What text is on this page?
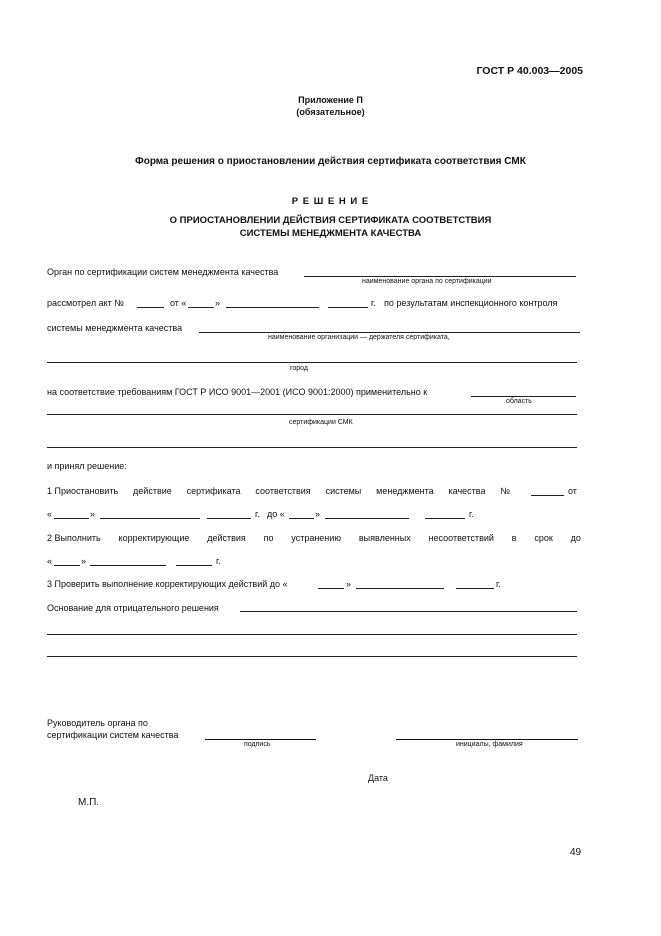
ГОСТ Р 40.003—2005
Приложение П
(обязательное)
Форма решения о приостановлении действия сертификата соответствия СМК
Р Е Ш Е Н И Е
О ПРИОСТАНОВЛЕНИИ ДЕЙСТВИЯ СЕРТИФИКАТА СООТВЕТСТВИЯ
СИСТЕМЫ МЕНЕДЖМЕНТА КАЧЕСТВА
Орган по сертификации систем менеджмента качества
наименование органа по сертификации
рассмотрел акт №	от «	»	г. по результатам инспекционного контроля
системы менеджмента качества
наименование организации — держателя сертификата,
город
на соответствие требованиям ГОСТ Р ИСО 9001—2001 (ИСО 9001:2000) применительно к
область
сертификации СМК
и принял решение:
1 Приостановить действие сертификата соответствия системы менеджмента качества №	от
«	»	г. до «	»	г.
2 Выполнить корректирующие действия по устранению выявленных несоответствий в срок до
«	»	г.
3 Проверить выполнение корректирующих действий до «	»	г.
Основание для отрицательного решения
Руководитель органа по
сертификации систем качества
подпись	инициалы, фамилия
Дата
М.П.
49
